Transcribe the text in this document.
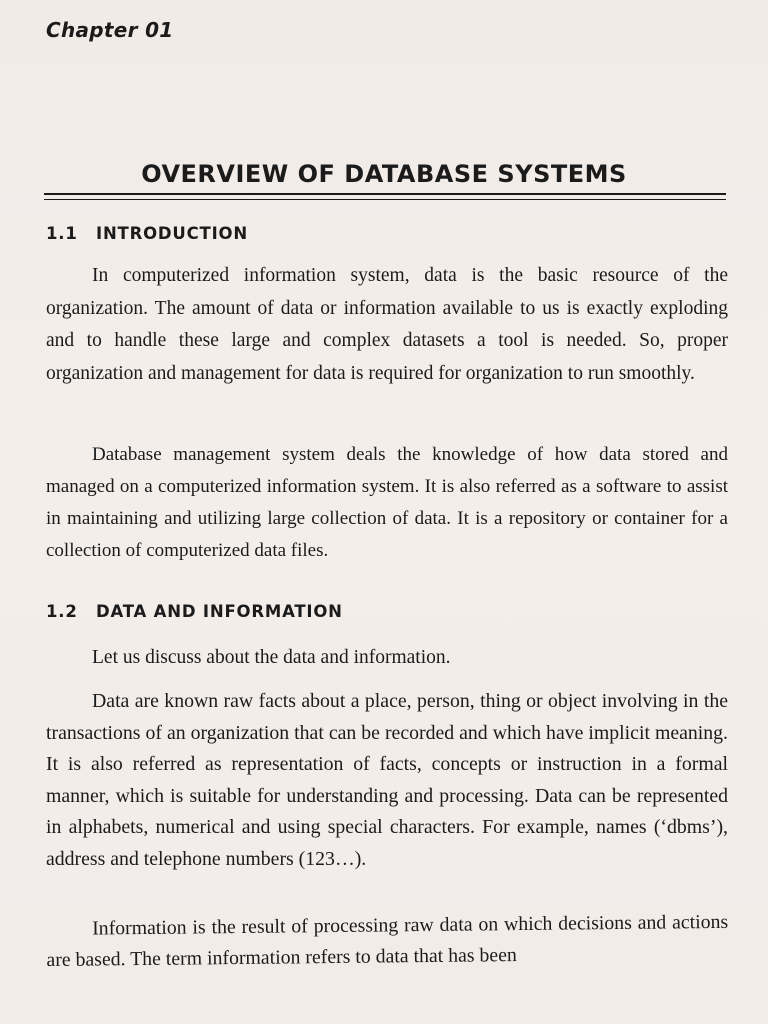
Chapter 01
OVERVIEW OF DATABASE SYSTEMS
1.1 INTRODUCTION

In computerized information system, data is the basic resource of the organization. The amount of data or information available to us is exactly exploding and to handle these large and complex datasets a tool is needed. So, proper organization and management for data is required for organization to run smoothly.

Database management system deals the knowledge of how data stored and managed on a computerized information system. It is also referred as a software to assist in maintaining and utilizing large collection of data. It is a repository or container for a collection of computerized data files.

1.2 DATA AND INFORMATION

Let us discuss about the data and information.

Data are known raw facts about a place, person, thing or object involving in the transactions of an organization that can be recorded and which have implicit meaning. It is also referred as representation of facts, concepts or instruction in a formal manner, which is suitable for understanding and processing. Data can be represented in alphabets, numerical and using special characters. For example, names (‘dbms’), address and telephone numbers (123…).

Information is the result of processing raw data on which decisions and actions are based. The term information refers to data that has been
